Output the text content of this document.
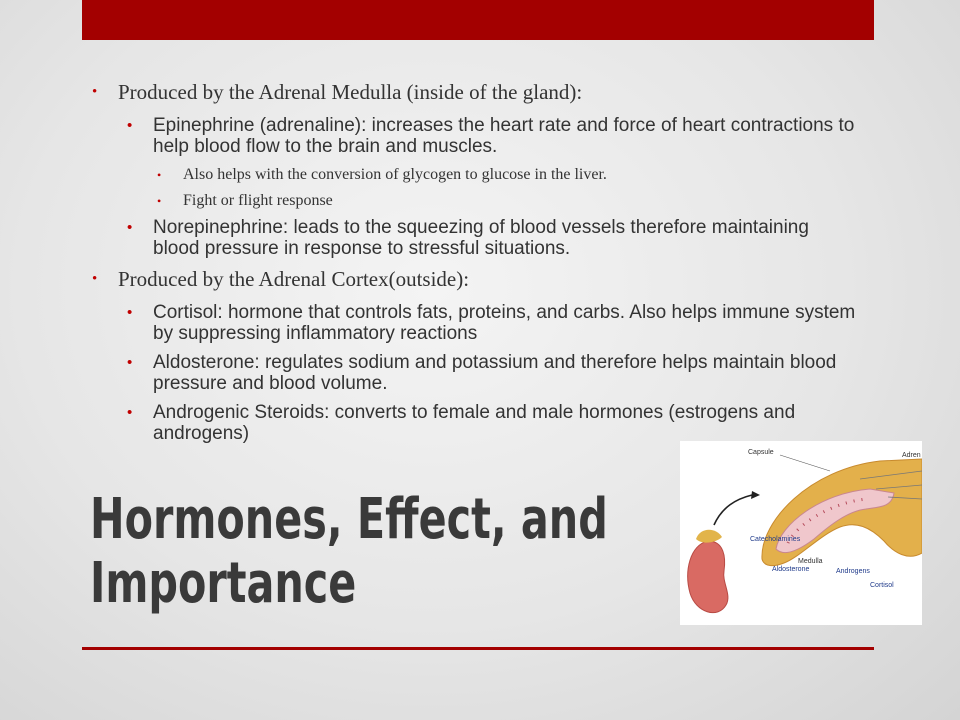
• Produced by the Adrenal Medulla (inside of the gland):
• Epinephrine (adrenaline): increases the heart rate and force of heart contractions to help blood flow to the brain and muscles.
• Also helps with the conversion of glycogen to glucose in the liver.
• Fight or flight response
• Norepinephrine: leads to the squeezing of blood vessels therefore maintaining blood pressure in response to stressful situations.
• Produced by the Adrenal Cortex(outside):
• Cortisol: hormone that controls fats, proteins, and carbs. Also helps immune system by suppressing inflammatory reactions
• Aldosterone: regulates sodium and potassium and therefore helps maintain blood pressure and blood volume.
• Androgenic Steroids: converts to female and male hormones (estrogens and androgens)
Hormones, Effect, and
Importance
Capsule	Adren
Catecholamines
Medulla
Aldosterone	Androgens
Cortisol
